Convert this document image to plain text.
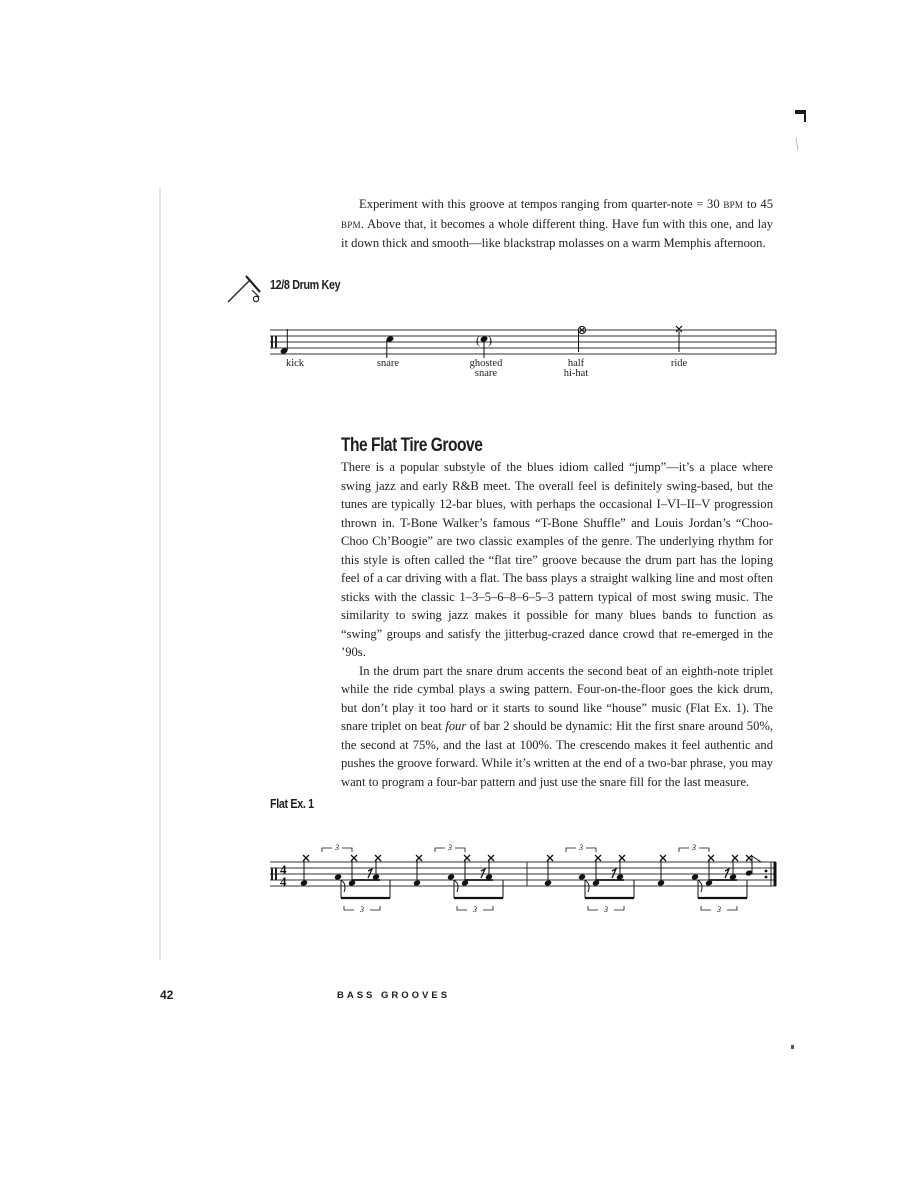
Experiment with this groove at tempos ranging from quarter-note = 30 BPM to 45 BPM. Above that, it becomes a whole different thing. Have fun with this one, and lay it down thick and smooth—like blackstrap molasses on a warm Memphis afternoon.

12/8 Drum Key
( )
kick	snare	ghosted
snare
half
hi-hat
ride
The Flat Tire Groove

There is a popular substyle of the blues idiom called “jump”—it’s a place where swing jazz and early R&B meet. The overall feel is definitely swing-based, but the tunes are typically 12-bar blues, with perhaps the occasional I–VI–II–V progression thrown in. T-Bone Walker’s famous “T-Bone Shuffle” and Louis Jordan’s “Choo-Choo Ch’Boogie” are two classic examples of the genre. The underlying rhythm for this style is often called the “flat tire” groove because the drum part has the loping feel of a car driving with a flat. The bass plays a straight walking line and most often sticks with the classic 1–3–5–6–8–6–5–3 pattern typical of most swing music. The similarity to swing jazz makes it possible for many blues bands to function as “swing” groups and satisfy the jitterbug-crazed dance crowd that re-emerged in the ’90s.

In the drum part the snare drum accents the second beat of an eighth-note triplet while the ride cymbal plays a swing pattern. Four-on-the-floor goes the kick drum, but don’t play it too hard or it starts to sound like “house” music (Flat Ex. 1). The snare triplet on beat four of bar 2 should be dynamic: Hit the first snare around 50%, the second at 75%, and the last at 100%. The crescendo makes it feel authentic and pushes the groove forward. While it’s written at the end of a two-bar phrase, you may want to program a four-bar pattern and just use the snare fill for the last measure.

Flat Ex. 1
4
4
3
3
3
3
3
3
3
3
42	BASS GROOVES
